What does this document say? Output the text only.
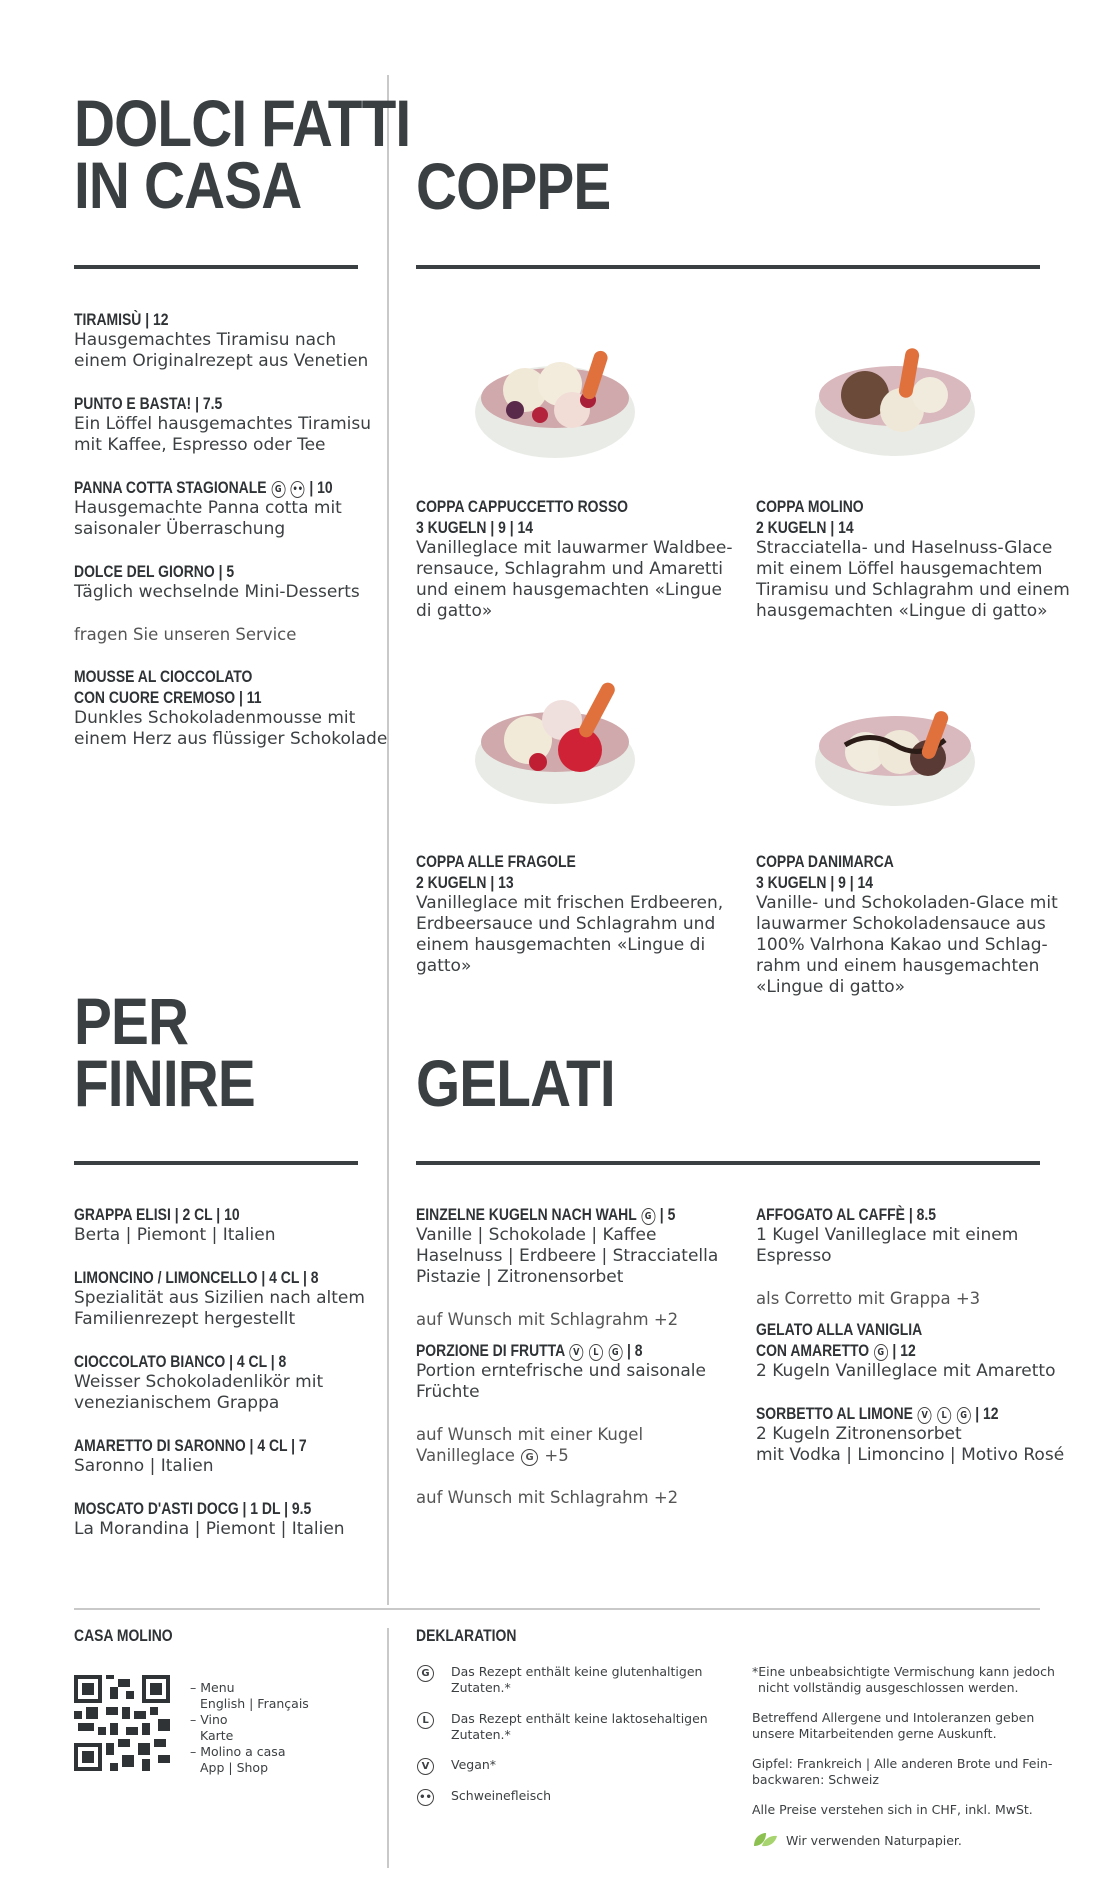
DOLCI FATTI
IN CASA
TIRAMISÙ | 12
Hausgemachtes Tiramisu nach
einem Originalrezept aus Venetien
PUNTO E BASTA! | 7.5
Ein Löffel hausgemachtes Tiramisu
mit Kaffee, Espresso oder Tee
PANNA COTTA STAGIONALE G •• | 10
Hausgemachte Panna cotta mit
saisonaler Überraschung
DOLCE DEL GIORNO | 5
Täglich wechselnde Mini-Desserts
fragen Sie unseren Service
MOUSSE AL CIOCCOLATO
CON CUORE CREMOSO | 11
Dunkles Schokoladenmousse mit
einem Herz aus flüssiger Schokolade
COPPE
COPPA CAPPUCCETTO ROSSO
3 KUGELN | 9 | 14
Vanilleglace mit lauwarmer Waldbee-
rensauce, Schlagrahm und Amaretti
und einem hausgemachten «Lingue
di gatto»
COPPA MOLINO
2 KUGELN | 14
Stracciatella- und Haselnuss-Glace
mit einem Löffel hausgemachtem
Tiramisu und Schlagrahm und einem
hausgemachten «Lingue di gatto»
COPPA ALLE FRAGOLE
2 KUGELN | 13
Vanilleglace mit frischen Erdbeeren,
Erdbeersauce und Schlagrahm und
einem hausgemachten «Lingue di
gatto»
COPPA DANIMARCA
3 KUGELN | 9 | 14
Vanille- und Schokoladen-Glace mit
lauwarmer Schokoladensauce aus
100% Valrhona Kakao und Schlag-
rahm und einem hausgemachten
«Lingue di gatto»
PER
FINIRE
GRAPPA ELISI | 2 CL | 10
Berta | Piemont | Italien
LIMONCINO / LIMONCELLO | 4 CL | 8
Spezialität aus Sizilien nach altem
Familienrezept hergestellt
CIOCCOLATO BIANCO | 4 CL | 8
Weisser Schokoladenlikör mit
venezianischem Grappa
AMARETTO DI SARONNO | 4 CL | 7
Saronno | Italien
MOSCATO D'ASTI DOCG | 1 DL | 9.5
La Morandina | Piemont | Italien
GELATI
EINZELNE KUGELN NACH WAHL G | 5
Vanille | Schokolade | Kaffee
Haselnuss | Erdbeere | Stracciatella
Pistazie | Zitronensorbet
auf Wunsch mit Schlagrahm +2
PORZIONE DI FRUTTA V L G | 8
Portion erntefrische und saisonale
Früchte
auf Wunsch mit einer Kugel
Vanilleglace G +5
auf Wunsch mit Schlagrahm +2
AFFOGATO AL CAFFÈ | 8.5
1 Kugel Vanilleglace mit einem
Espresso
als Corretto mit Grappa +3
GELATO ALLA VANIGLIA
CON AMARETTO G | 12
2 Kugeln Vanilleglace mit Amaretto
SORBETTO AL LIMONE V L G | 12
2 Kugeln Zitronensorbet
mit Vodka | Limoncino | Motivo Rosé
CASA MOLINO
– Menu
English | Français
– Vino
Karte
– Molino a casa
App | Shop
DEKLARATION
G	Das Rezept enthält keine glutenhaltigen
Zutaten.*
L	Das Rezept enthält keine laktosehaltigen
Zutaten.*
V	Vegan*
•• Schweinefleisch
*Eine unbeabsichtigte Vermischung kann jedoch
nicht vollständig ausgeschlossen werden.
Betreffend Allergene und Intoleranzen geben
unsere Mitarbeitenden gerne Auskunft.
Gipfel: Frankreich | Alle anderen Brote und Fein-
backwaren: Schweiz
Alle Preise verstehen sich in CHF, inkl. MwSt.
Wir verwenden Naturpapier.
